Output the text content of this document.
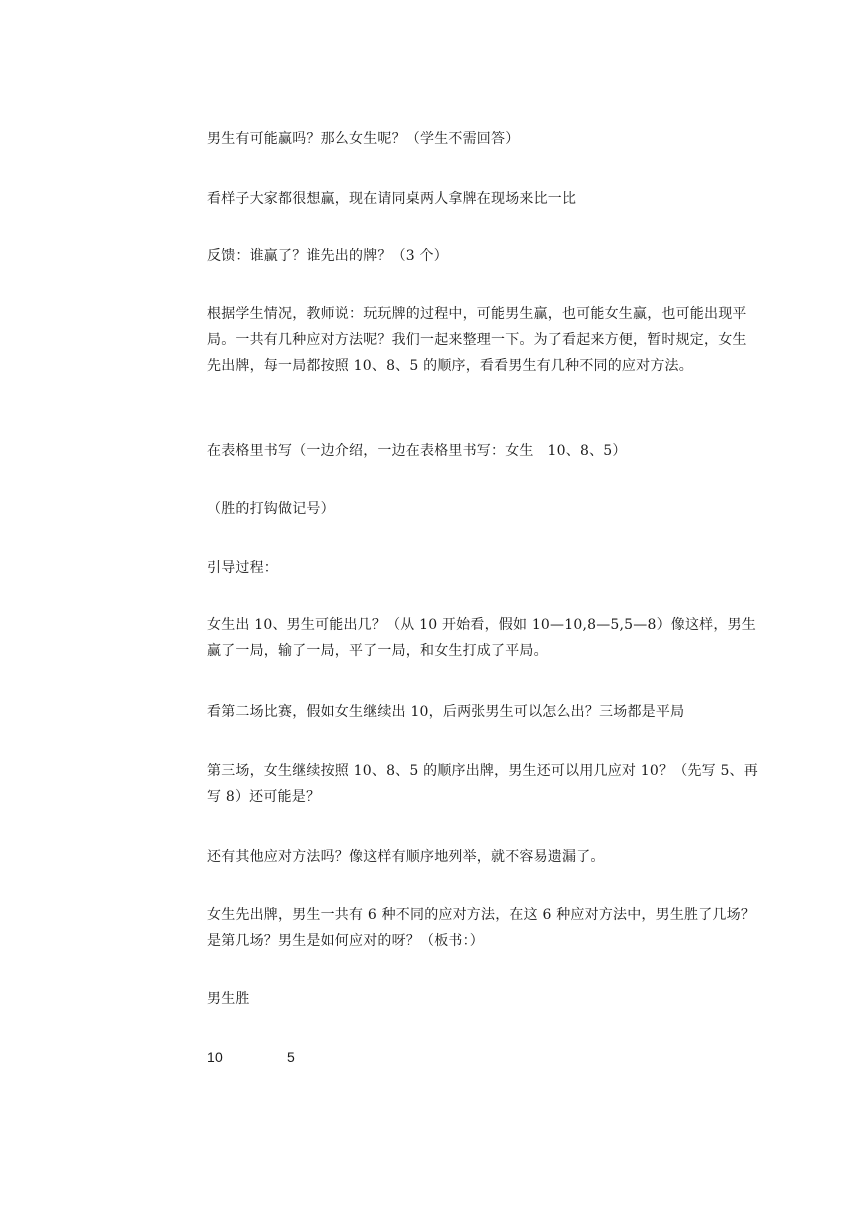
男生有可能赢吗？那么女生呢？（学生不需回答）

看样子大家都很想赢，现在请同桌两人拿牌在现场来比一比

反馈：谁赢了？谁先出的牌？（3 个）

根据学生情况，教师说：玩玩牌的过程中，可能男生赢，也可能女生赢，也可能出现平局。一共有几种应对方法呢？我们一起来整理一下。为了看起来方便，暂时规定，女生先出牌，每一局都按照 10、8、5 的顺序，看看男生有几种不同的应对方法。

在表格里书写（一边介绍，一边在表格里书写：女生   10、8、5）

（胜的打钩做记号）

引导过程：

女生出 10、男生可能出几？（从 10 开始看，假如 10—10,8—5,5—8）像这样，男生赢了一局，输了一局，平了一局，和女生打成了平局。

看第二场比赛，假如女生继续出 10，后两张男生可以怎么出？三场都是平局

第三场，女生继续按照 10、8、5 的顺序出牌，男生还可以用几应对 10？（先写 5、再写 8）还可能是？

还有其他应对方法吗？像这样有顺序地列举，就不容易遗漏了。

女生先出牌，男生一共有 6 种不同的应对方法，在这 6 种应对方法中，男生胜了几场？是第几场？男生是如何应对的呀？（板书：）

男生胜

10	5
